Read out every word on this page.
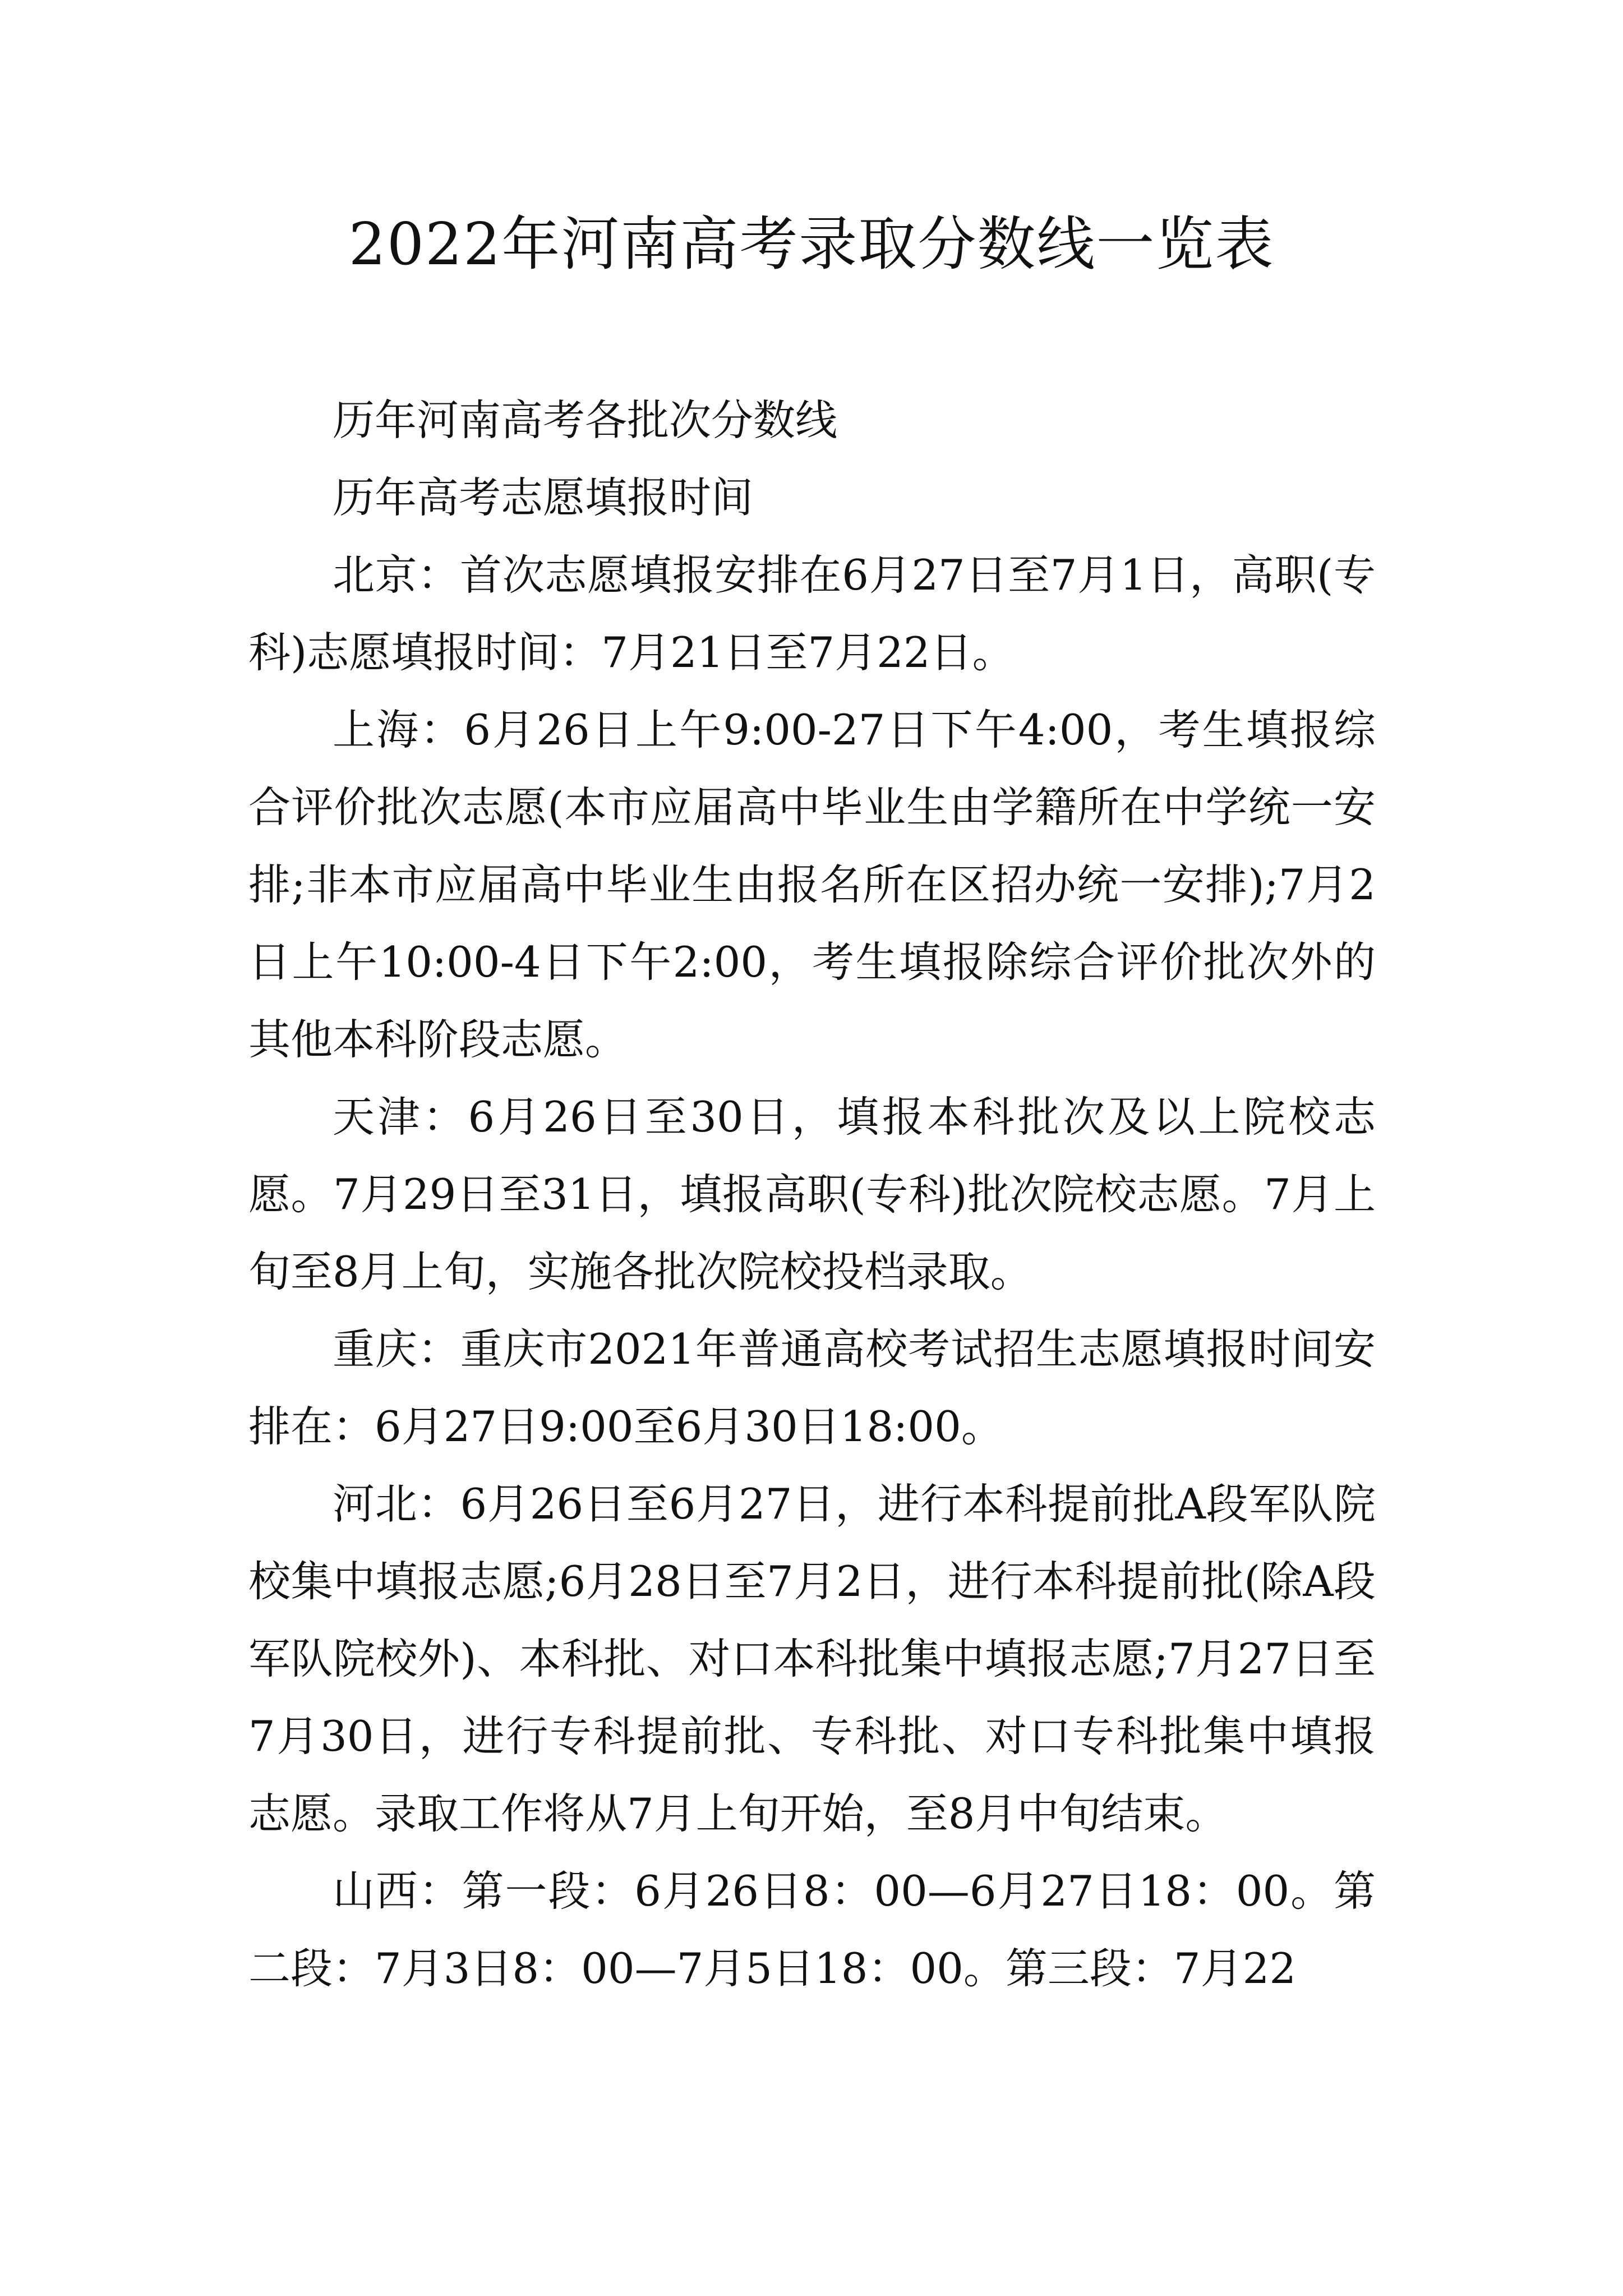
2022年河南高考录取分数线一览表

历年河南高考各批次分数线

历年高考志愿填报时间

北京：首次志愿填报安排在6月27日至7月1日，高职(专科)志愿填报时间：7月21日至7月22日。

上海：6月26日上午9:00-27日下午4:00，考生填报综合评价批次志愿(本市应届高中毕业生由学籍所在中学统一安排;非本市应届高中毕业生由报名所在区招办统一安排);7月2日上午10:00-4日下午2:00，考生填报除综合评价批次外的其他本科阶段志愿。

天津：6月26日至30日，填报本科批次及以上院校志愿。7月29日至31日，填报高职(专科)批次院校志愿。7月上旬至8月上旬，实施各批次院校投档录取。

重庆：重庆市2021年普通高校考试招生志愿填报时间安排在：6月27日9:00至6月30日18:00。

河北：6月26日至6月27日，进行本科提前批A段军队院校集中填报志愿;6月28日至7月2日，进行本科提前批(除A段军队院校外)、本科批、对口本科批集中填报志愿;7月27日至7月30日，进行专科提前批、专科批、对口专科批集中填报志愿。录取工作将从7月上旬开始，至8月中旬结束。

山西：第一段：6月26日8：00—6月27日18：00。第二段：7月3日8：00—7月5日18：00。第三段：7月22
